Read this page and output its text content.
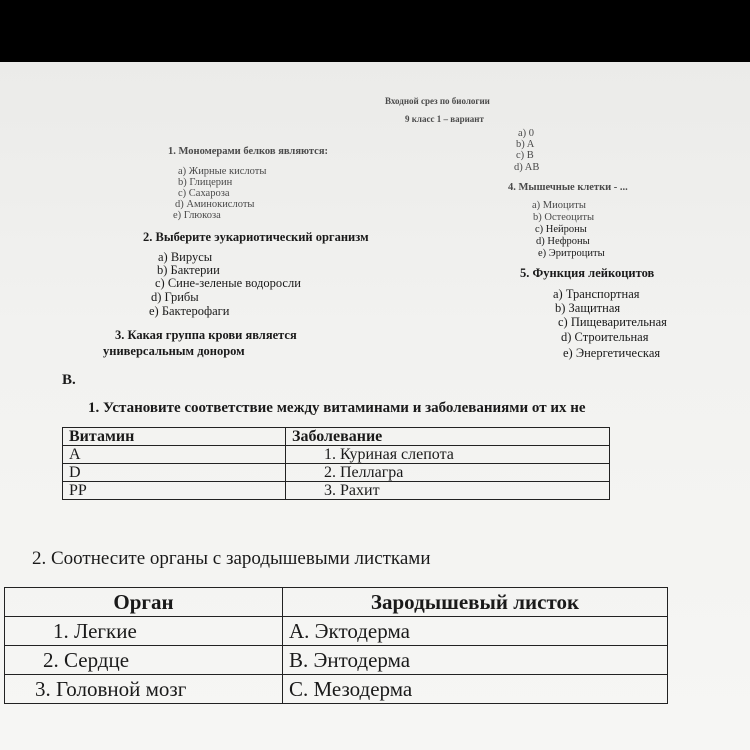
Входной срез по биологии
9 класс 1 – вариант
1. Мономерами белков являются:
a) Жирные кислоты
b) Глицерин
c) Сахароза
d) Аминокислоты
e) Глюкоза
a) 0
b) A
c) B
d) AB
4. Мышечные клетки - ...
a) Миоциты
b) Остеоциты
c) Нейроны
d) Нефроны
e) Эритроциты
2. Выберите эукариотический организм
a) Вирусы
b) Бактерии
c) Сине-зеленые водоросли
d) Грибы
e) Бактерофаги
5. Функция лейкоцитов
a) Транспортная
b) Защитная
c) Пищеварительная
d) Строительная
e) Энергетическая
3. Какая группа крови является
универсальным донором
B.
1. Установите соответствие между витаминами и заболеваниями от их не
Витамин	Заболевание
A	1. Куриная слепота
D	2. Пеллагра
PP	3. Рахит
2. Соотнесите органы с зародышевыми листками
Орган	Зародышевый листок
1. Легкие	A. Эктодерма
2. Сердце	B. Энтодерма
3. Головной мозг	C. Мезодерма
